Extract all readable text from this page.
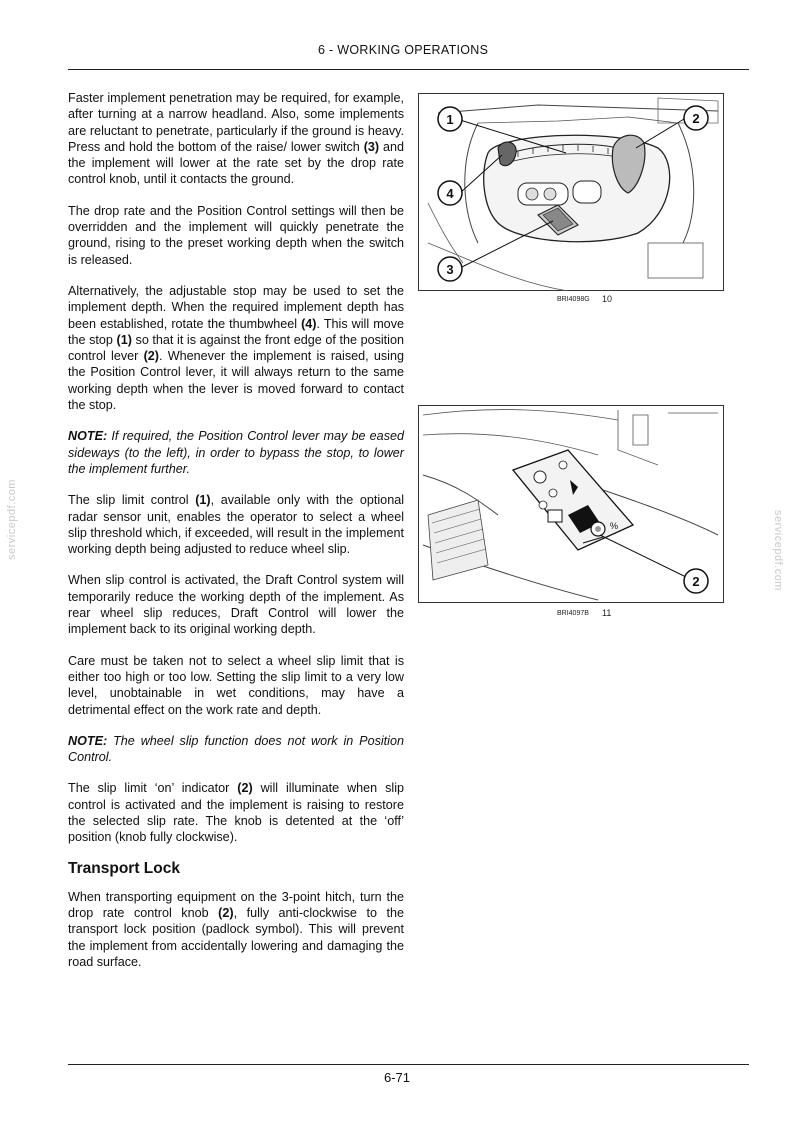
6 - WORKING OPERATIONS

Faster implement penetration may be required, for example, after turning at a narrow headland. Also, some implements are reluctant to penetrate, particularly if the ground is heavy. Press and hold the bottom of the raise/ lower switch (3) and the implement will lower at the rate set by the drop rate control knob, until it contacts the ground.

The drop rate and the Position Control settings will then be overridden and the implement will quickly penetrate the ground, rising to the preset working depth when the switch is released.

Alternatively, the adjustable stop may be used to set the implement depth. When the required implement depth has been established, rotate the thumbwheel (4). This will move the stop (1) so that it is against the front edge of the position control lever (2). Whenever the implement is raised, using the Position Control lever, it will always return to the same working depth when the lever is moved forward to contact the stop.

NOTE: If required, the Position Control lever may be eased sideways (to the left), in order to bypass the stop, to lower the implement further.

The slip limit control (1), available only with the optional radar sensor unit, enables the operator to select a wheel slip threshold which, if exceeded, will result in the implement working depth being adjusted to reduce wheel slip.

When slip control is activated, the Draft Control system will temporarily reduce the working depth of the implement. As rear wheel slip reduces, Draft Control will lower the implement back to its original working depth.

Care must be taken not to select a wheel slip limit that is either too high or too low. Setting the slip limit to a very low level, unobtainable in wet conditions, may have a detrimental effect on the work rate and depth.

NOTE: The wheel slip function does not work in Position Control.

The slip limit ‘on’ indicator (2) will illuminate when slip control is activated and the implement is raising to restore the selected slip rate. The knob is detented at the ‘off’ position (knob fully clockwise).

Transport Lock

When transporting equipment on the 3-point hitch, turn the drop rate control knob (2), fully anti-clockwise to the transport lock position (padlock symbol). This will prevent the implement from accidentally lowering and damaging the road surface.

1	2
4
3
BRI4098G 10
%
2
BRI4097B 11
servicepdf.com	servicepdf.com
6-71
